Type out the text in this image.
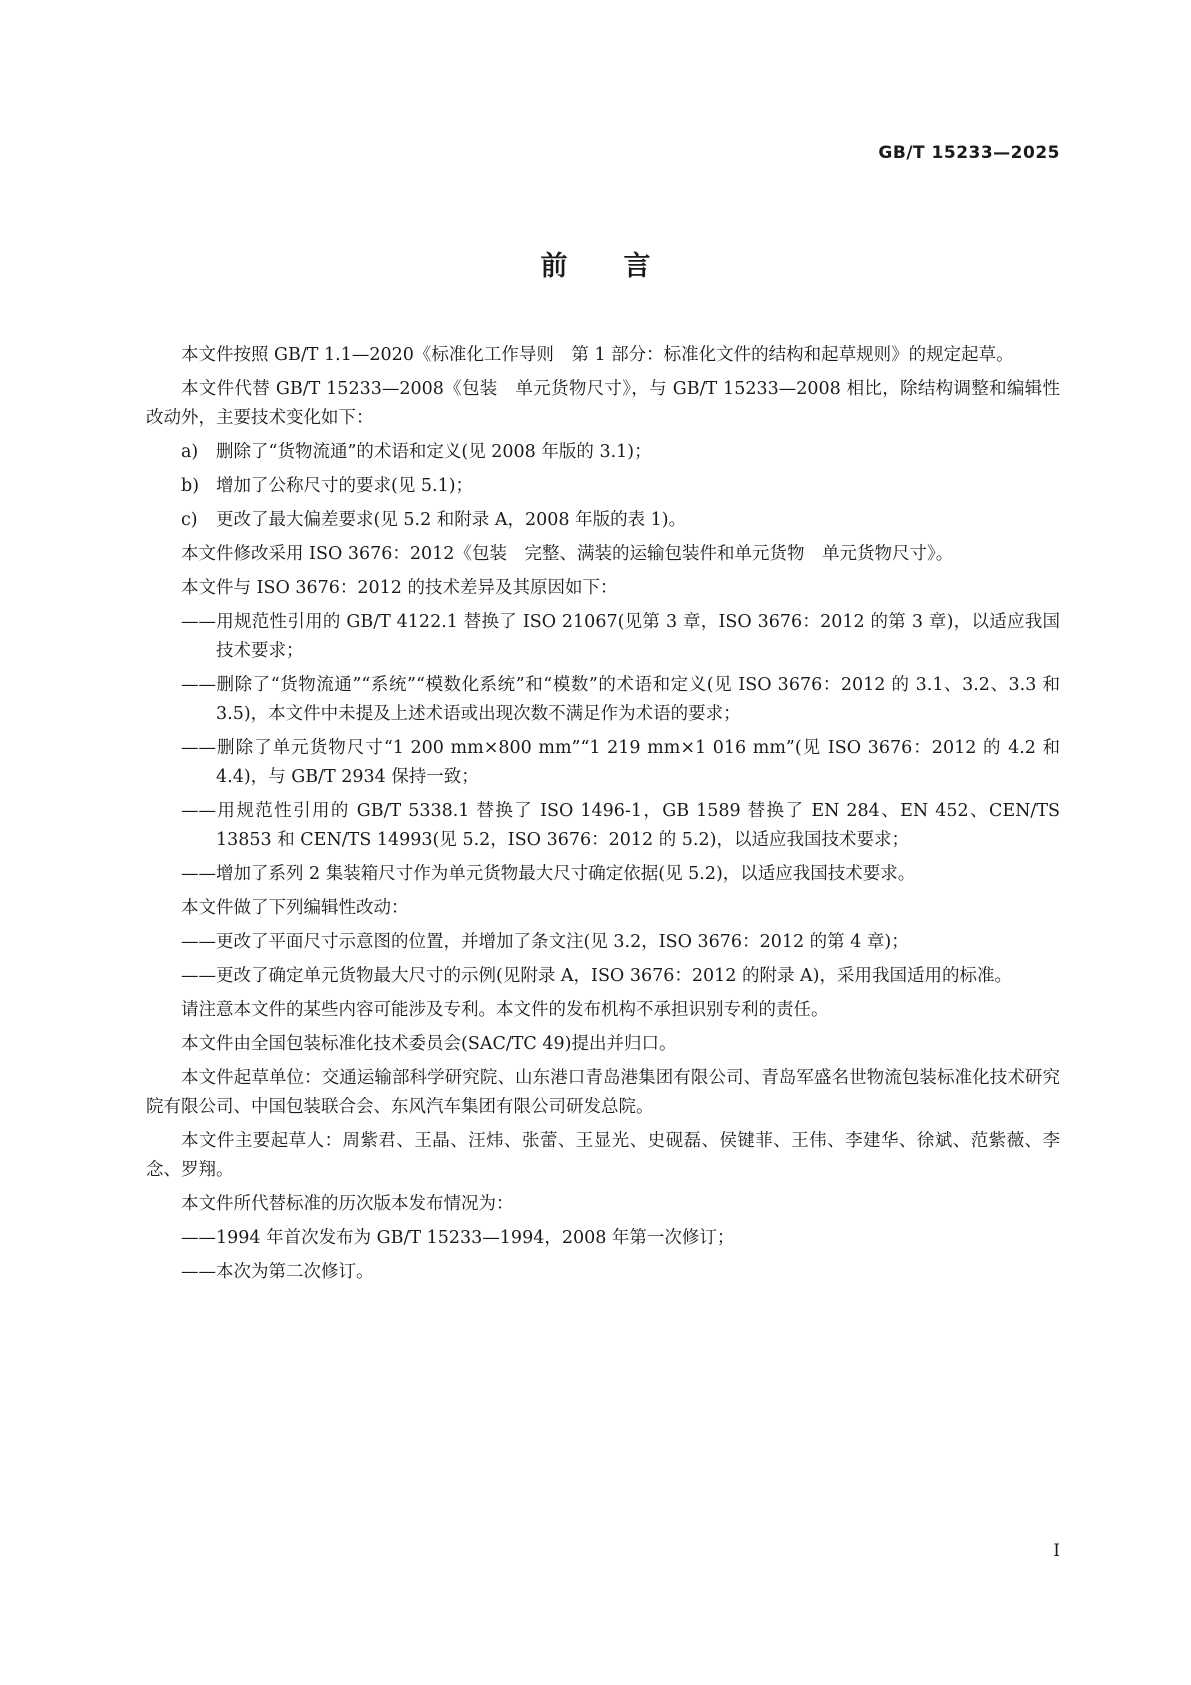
GB/T 15233—2025
前言

本文件按照 GB/T 1.1—2020《标准化工作导则　第 1 部分：标准化文件的结构和起草规则》的规定起草。

本文件代替 GB/T 15233—2008《包装　单元货物尺寸》，与 GB/T 15233—2008 相比，除结构调整和编辑性改动外，主要技术变化如下：

a)	删除了“货物流通”的术语和定义(见 2008 年版的 3.1)；
b) 增加了公称尺寸的要求(见 5.1)；
c)	更改了最大偏差要求(见 5.2 和附录 A，2008 年版的表 1)。

本文件修改采用 ISO 3676：2012《包装　完整、满装的运输包装件和单元货物　单元货物尺寸》。

本文件与 ISO 3676：2012 的技术差异及其原因如下：

——用规范性引用的 GB/T 4122.1 替换了 ISO 21067(见第 3 章，ISO 3676：2012 的第 3 章)，以适应我国技术要求；

——删除了“货物流通”“系统”“模数化系统”和“模数”的术语和定义(见 ISO 3676：2012 的 3.1、3.2、3.3 和 3.5)，本文件中未提及上述术语或出现次数不满足作为术语的要求；

——删除了单元货物尺寸“1 200 mm×800 mm”“1 219 mm×1 016 mm”(见 ISO 3676：2012 的 4.2 和 4.4)，与 GB/T 2934 保持一致；

——用规范性引用的 GB/T 5338.1 替换了 ISO 1496-1，GB 1589 替换了 EN 284、EN 452、CEN/TS 13853 和 CEN/TS 14993(见 5.2，ISO 3676：2012 的 5.2)，以适应我国技术要求；

——增加了系列 2 集装箱尺寸作为单元货物最大尺寸确定依据(见 5.2)，以适应我国技术要求。

本文件做了下列编辑性改动：

——更改了平面尺寸示意图的位置，并增加了条文注(见 3.2，ISO 3676：2012 的第 4 章)；

——更改了确定单元货物最大尺寸的示例(见附录 A，ISO 3676：2012 的附录 A)，采用我国适用的标准。

请注意本文件的某些内容可能涉及专利。本文件的发布机构不承担识别专利的责任。

本文件由全国包装标准化技术委员会(SAC/TC 49)提出并归口。

本文件起草单位：交通运输部科学研究院、山东港口青岛港集团有限公司、青岛军盛名世物流包装标准化技术研究院有限公司、中国包装联合会、东风汽车集团有限公司研发总院。

本文件主要起草人：周紫君、王晶、汪炜、张蕾、王显光、史砚磊、侯键菲、王伟、李建华、徐斌、范紫薇、李念、罗翔。

本文件所代替标准的历次版本发布情况为：

——1994 年首次发布为 GB/T 15233—1994，2008 年第一次修订；

——本次为第二次修订。

I
